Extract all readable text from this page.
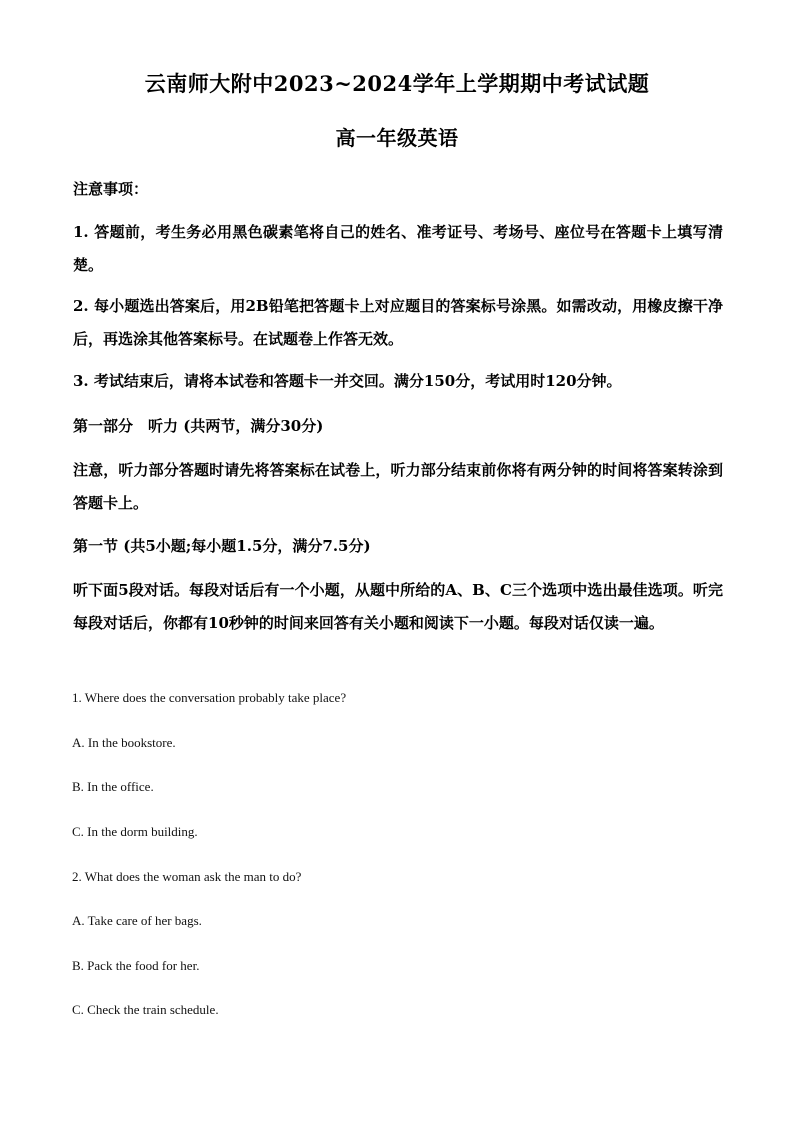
云南师大附中2023~2024学年上学期期中考试试题
高一年级英语

注意事项：

1. 答题前，考生务必用黑色碳素笔将自己的姓名、准考证号、考场号、座位号在答题卡上填写清楚。

2. 每小题选出答案后，用2B铅笔把答题卡上对应题目的答案标号涂黑。如需改动，用橡皮擦干净后，再选涂其他答案标号。在试题卷上作答无效。

3. 考试结束后，请将本试卷和答题卡一并交回。满分150分，考试用时120分钟。

第一部分　听力 (共两节，满分30分)

注意，听力部分答题时请先将答案标在试卷上，听力部分结束前你将有两分钟的时间将答案转涂到答题卡上。

第一节 (共5小题;每小题1.5分，满分7.5分)

听下面5段对话。每段对话后有一个小题，从题中所给的A、B、C三个选项中选出最佳选项。听完每段对话后，你都有10秒钟的时间来回答有关小题和阅读下一小题。每段对话仅读一遍。

1. Where does the conversation probably take place?

A. In the bookstore.

B. In the office.

C. In the dorm building.

2. What does the woman ask the man to do?

A. Take care of her bags.

B. Pack the food for her.

C. Check the train schedule.
